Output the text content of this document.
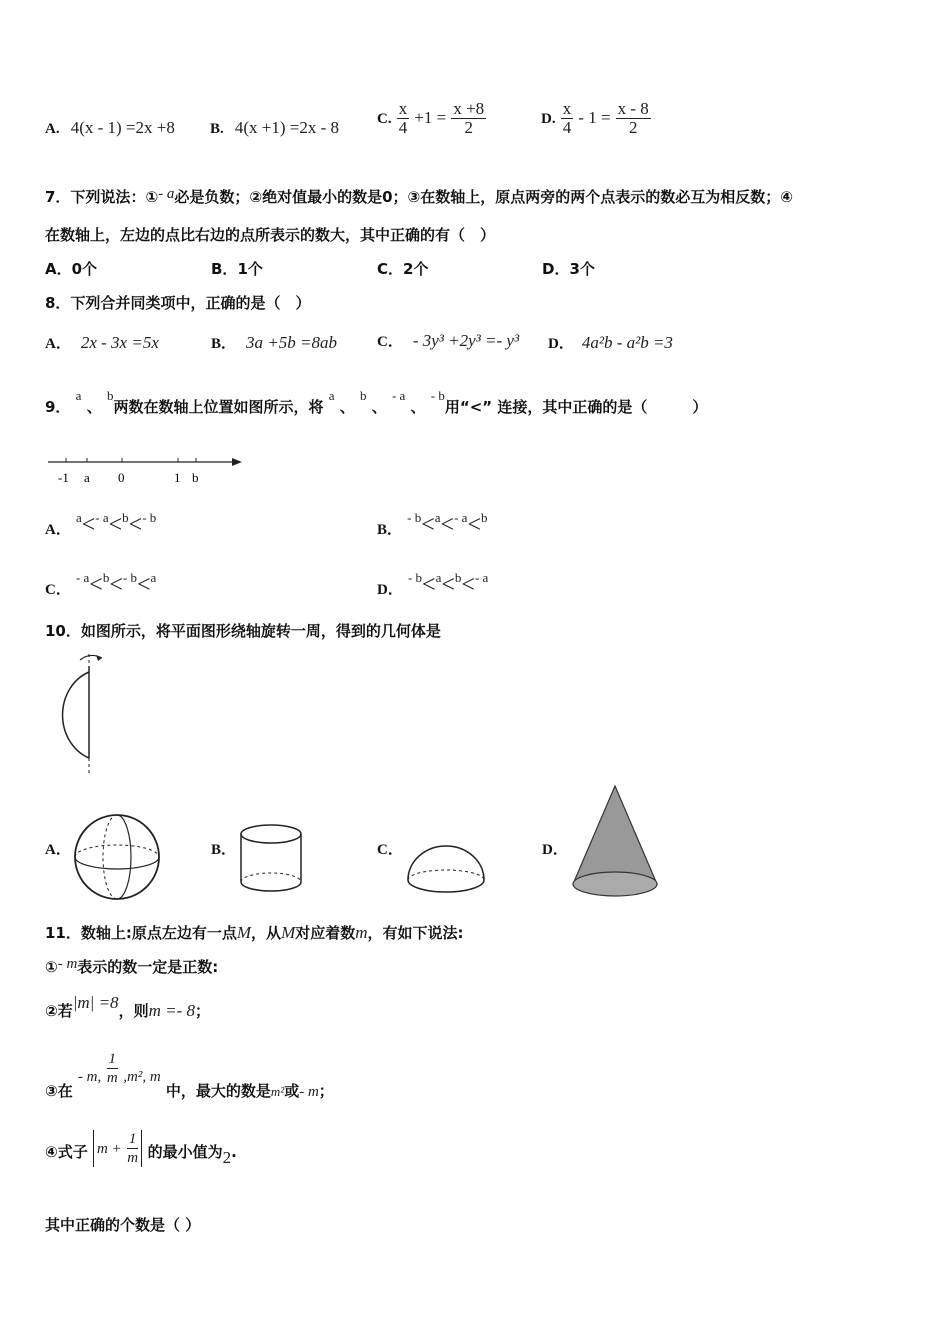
A. 4(x - 1) =2x +8 B. 4(x +1) =2x - 8	C. $\frac{x}{4} +1 = \frac{x +8}{2}$	D. $\frac{x}{4} - 1 = \frac{x - 8}{2}$
7．下列说法：①- a必是负数；②绝对值最小的数是0；③在数轴上，原点两旁的两个点表示的数必互为相反数；④
在数轴上，左边的点比右边的点所表示的数大，其中正确的有（　）
A．0个	B．1个	C．2个	D．3个
8．下列合并同类项中，正确的是（　）
A． 2x - 3x =5x	B． 3a +5b =8ab	C． - 3y³ +2y³ =- y³ D． 4a²b - a²b =3
9． a 、 b两数在数轴上位置如图所示，将 a 、 b 、 - a 、 - b用“<” 连接，其中正确的是（　　　）
-1 a 0	1 b
A． a<- a<b<- b
B． - b<a<- a<b
C． - a<b<- b<a
D． - b<a<b<- a
10．如图所示，将平面图形绕轴旋转一周，得到的几何体是
A．	B．	C．	D．
11．数轴上:原点左边有一点M，从M对应着数m，有如下说法:
①- m表示的数一定是正数:
②若|m| =8，则m =- 8；
③在 - m, $\frac{1}{m} ,m^2$, m 中，最大的数是m²或- m；
④式子 $m + \frac{1}{m}$ 的最小值为2.
其中正确的个数是（ ）
